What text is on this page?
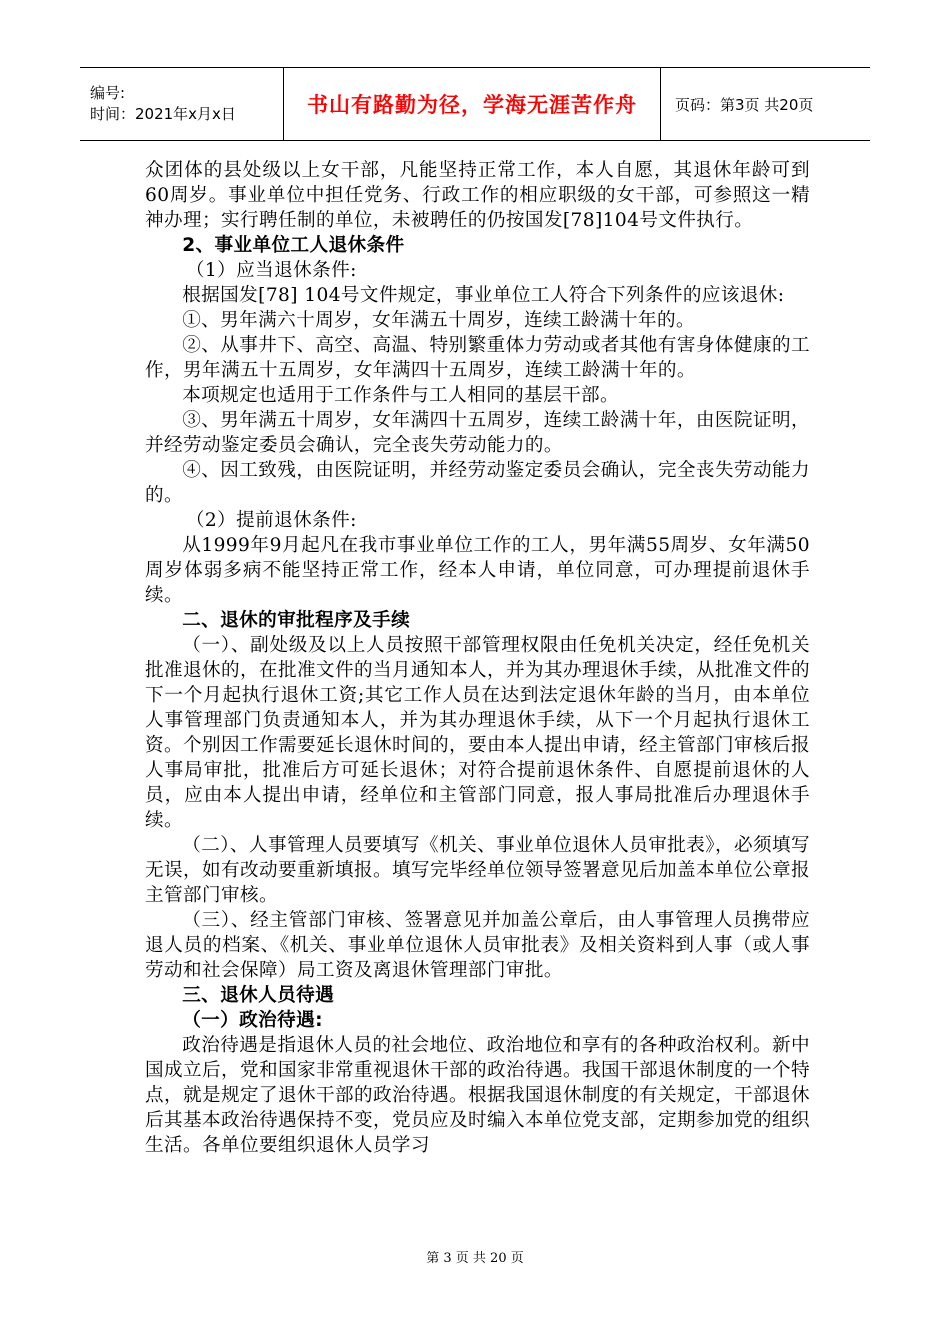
编号:
时间：2021年x月x日	书山有路勤为径，学海无涯苦作舟	页码：第3页 共20页

众团体的县处级以上女干部，凡能坚持正常工作，本人自愿，其退休年龄可到60周岁。事业单位中担任党务、行政工作的相应职级的女干部，可参照这一精神办理；实行聘任制的单位，未被聘任的仍按国发[78]104号文件执行。

2、事业单位工人退休条件

（1）应当退休条件:

根据国发[78] 104号文件规定，事业单位工人符合下列条件的应该退休:

①、男年满六十周岁，女年满五十周岁，连续工龄满十年的。

②、从事井下、高空、高温、特别繁重体力劳动或者其他有害身体健康的工作，男年满五十五周岁，女年满四十五周岁，连续工龄满十年的。

本项规定也适用于工作条件与工人相同的基层干部。

③、男年满五十周岁，女年满四十五周岁，连续工龄满十年，由医院证明，并经劳动鉴定委员会确认，完全丧失劳动能力的。

④、因工致残，由医院证明，并经劳动鉴定委员会确认，完全丧失劳动能力的。

（2）提前退休条件:

从1999年9月起凡在我市事业单位工作的工人，男年满55周岁、女年满50周岁体弱多病不能坚持正常工作，经本人申请，单位同意，可办理提前退休手续。

二、退休的审批程序及手续

（一）、副处级及以上人员按照干部管理权限由任免机关决定，经任免机关批准退休的，在批准文件的当月通知本人，并为其办理退休手续，从批准文件的下一个月起执行退休工资;其它工作人员在达到法定退休年龄的当月，由本单位人事管理部门负责通知本人，并为其办理退休手续，从下一个月起执行退休工资。个别因工作需要延长退休时间的，要由本人提出申请，经主管部门审核后报人事局审批，批准后方可延长退休；对符合提前退休条件、自愿提前退休的人员，应由本人提出申请，经单位和主管部门同意，报人事局批准后办理退休手续。

（二）、人事管理人员要填写《机关、事业单位退休人员审批表》，必须填写无误，如有改动要重新填报。填写完毕经单位领导签署意见后加盖本单位公章报主管部门审核。

（三）、经主管部门审核、签署意见并加盖公章后，由人事管理人员携带应退人员的档案、《机关、事业单位退休人员审批表》及相关资料到人事（或人事劳动和社会保障）局工资及离退休管理部门审批。

三、退休人员待遇

（一）政治待遇:

政治待遇是指退休人员的社会地位、政治地位和享有的各种政治权利。新中国成立后，党和国家非常重视退休干部的政治待遇。我国干部退休制度的一个特点，就是规定了退休干部的政治待遇。根据我国退休制度的有关规定，干部退休后其基本政治待遇保持不变，党员应及时编入本单位党支部，定期参加党的组织生活。各单位要组织退休人员学习

第 3 页 共 20 页
